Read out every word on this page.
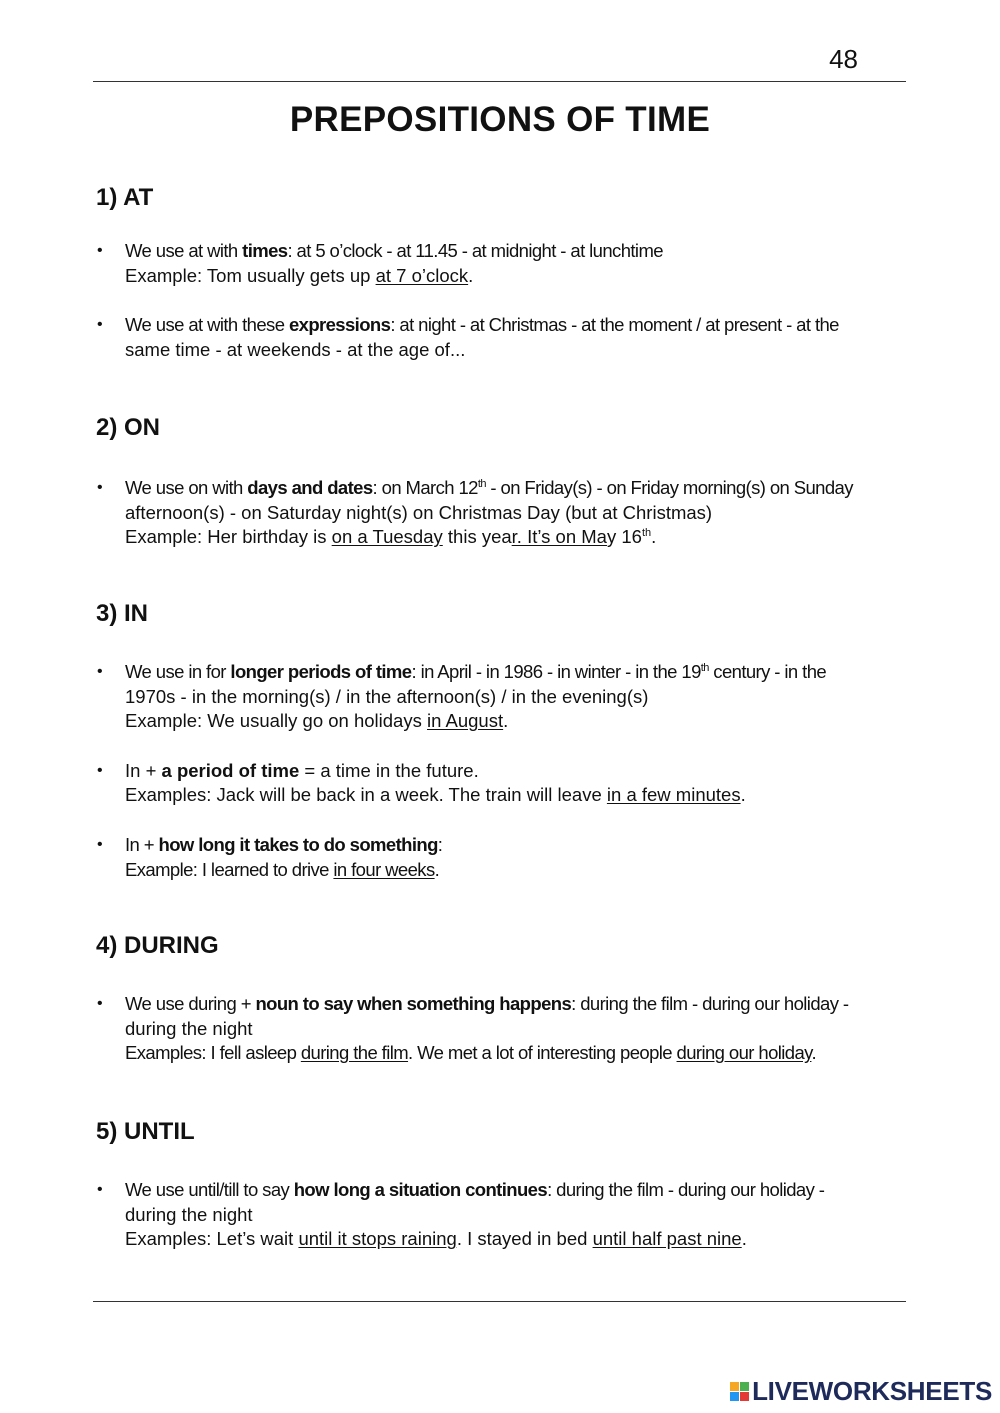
48
PREPOSITIONS OF TIME
1) AT
• We use at with times: at 5 o’clock - at 11.45 - at midnight - at lunchtime
Example: Tom usually gets up at 7 o’clock.
• We use at with these expressions: at night - at Christmas - at the moment / at present - at the
same time - at weekends - at the age of...
2) ON
• We use on with days and dates: on March 12th - on Friday(s) - on Friday morning(s) on Sunday
afternoon(s) - on Saturday night(s) on Christmas Day (but at Christmas)
Example: Her birthday is on a Tuesday this year. It’s on May 16th.
3) IN
• We use in for longer periods of time: in April - in 1986 - in winter - in the 19th century - in the
1970s - in the morning(s) / in the afternoon(s) / in the evening(s)
Example: We usually go on holidays in August.
• In + a period of time = a time in the future.
Examples: Jack will be back in a week. The train will leave in a few minutes.
• In + how long it takes to do something:
Example: I learned to drive in four weeks.
4) DURING
• We use during + noun to say when something happens: during the film - during our holiday -
during the night
Examples: I fell asleep during the film. We met a lot of interesting people during our holiday.
5) UNTIL
• We use until/till to say how long a situation continues: during the film - during our holiday -
during the night
Examples: Let’s wait until it stops raining. I stayed in bed until half past nine.
LIVEWORKSHEETS
